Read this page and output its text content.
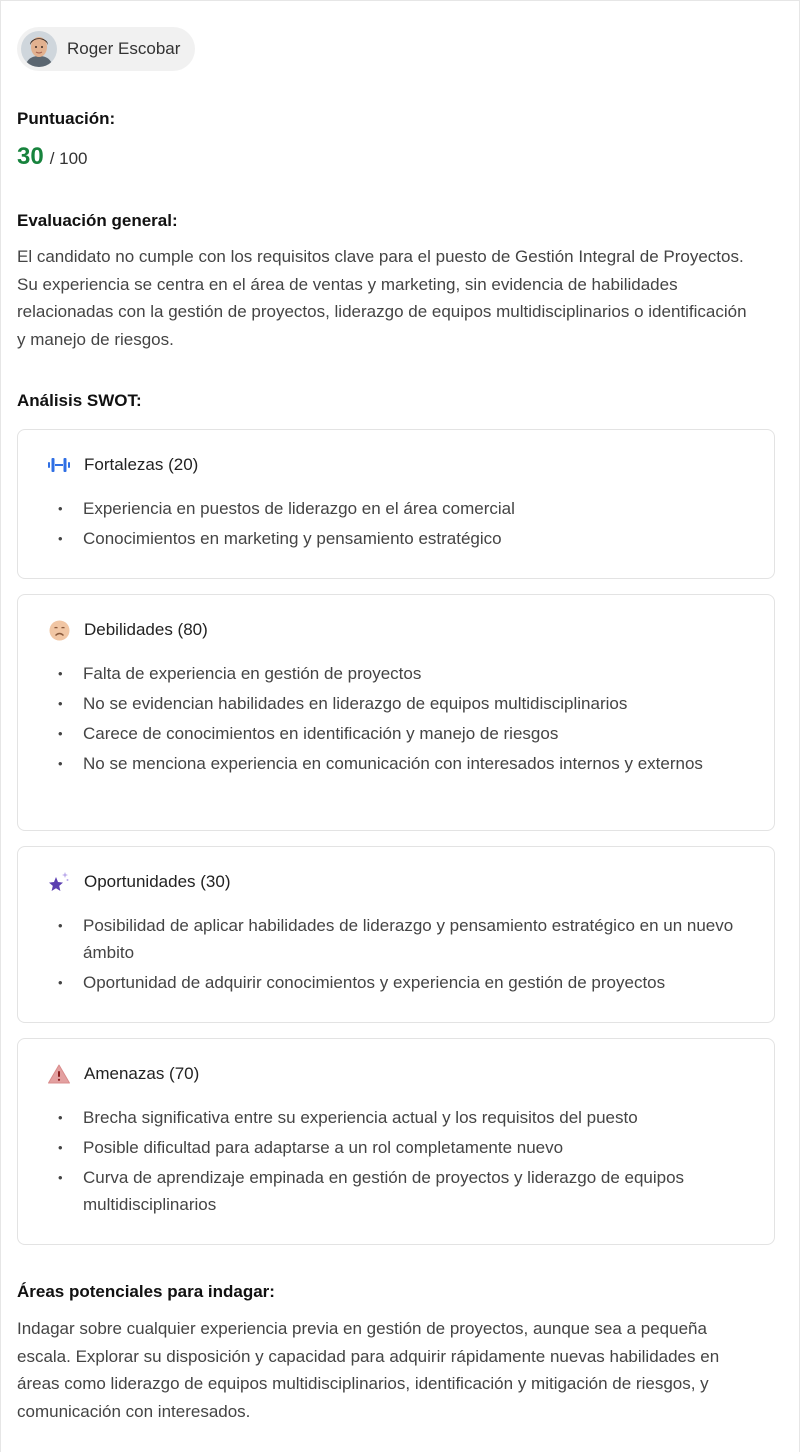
Roger Escobar
Puntuación:
30 / 100
Evaluación general:

El candidato no cumple con los requisitos clave para el puesto de Gestión Integral de Proyectos. Su experiencia se centra en el área de ventas y marketing, sin evidencia de habilidades relacionadas con la gestión de proyectos, liderazgo de equipos multidisciplinarios o identificación y manejo de riesgos.

Análisis SWOT:
Fortalezas (20)
• Experiencia en puestos de liderazgo en el área comercial
• Conocimientos en marketing y pensamiento estratégico
Debilidades (80)
• Falta de experiencia en gestión de proyectos
• No se evidencian habilidades en liderazgo de equipos multidisciplinarios
• Carece de conocimientos en identificación y manejo de riesgos
• No se menciona experiencia en comunicación con interesados internos y externos
Oportunidades (30)
• Posibilidad de aplicar habilidades de liderazgo y pensamiento estratégico en un nuevo ámbito
• Oportunidad de adquirir conocimientos y experiencia en gestión de proyectos
Amenazas (70)
• Brecha significativa entre su experiencia actual y los requisitos del puesto
• Posible dificultad para adaptarse a un rol completamente nuevo
• Curva de aprendizaje empinada en gestión de proyectos y liderazgo de equipos multidisciplinarios
Áreas potenciales para indagar:

Indagar sobre cualquier experiencia previa en gestión de proyectos, aunque sea a pequeña escala. Explorar su disposición y capacidad para adquirir rápidamente nuevas habilidades en áreas como liderazgo de equipos multidisciplinarios, identificación y mitigación de riesgos, y comunicación con interesados.
